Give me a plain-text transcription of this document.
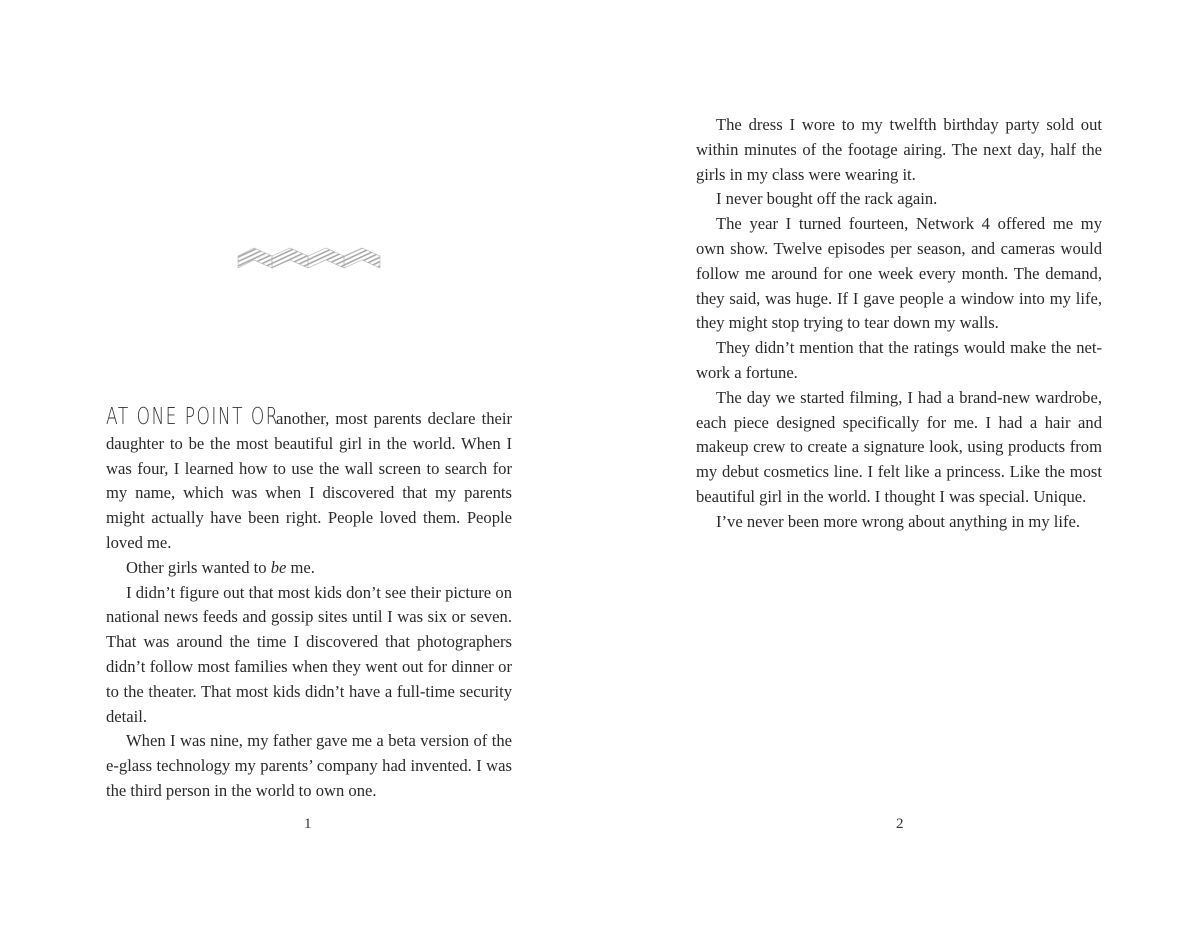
AT ONE POINT OR another, most parents declare their daughter to be the most beautiful girl in the world. When I was four, I learned how to use the wall screen to search for my name, which was when I discovered that my parents might actually have been right. People loved them. People loved me.

Other girls wanted to be me.

I didn’t figure out that most kids don’t see their picture on national news feeds and gossip sites until I was six or seven. That was around the time I discovered that photographers didn’t follow most families when they went out for dinner or to the theater. That most kids didn’t have a full-time security detail.

When I was nine, my father gave me a beta version of the e-glass technology my parents’ company had invented. I was the third person in the world to own one.

1

The dress I wore to my twelfth birthday party sold out within minutes of the footage airing. The next day, half the girls in my class were wearing it.

I never bought off the rack again.

The year I turned fourteen, Network 4 offered me my own show. Twelve episodes per season, and cameras would follow me around for one week every month. The demand, they said, was huge. If I gave people a window into my life, they might stop trying to tear down my walls.

They didn’t mention that the ratings would make the network a fortune.

The day we started filming, I had a brand-new wardrobe, each piece designed specifically for me. I had a hair and makeup crew to create a signature look, using products from my debut cosmetics line. I felt like a princess. Like the most beautiful girl in the world. I thought I was special. Unique.

I’ve never been more wrong about anything in my life.

2
